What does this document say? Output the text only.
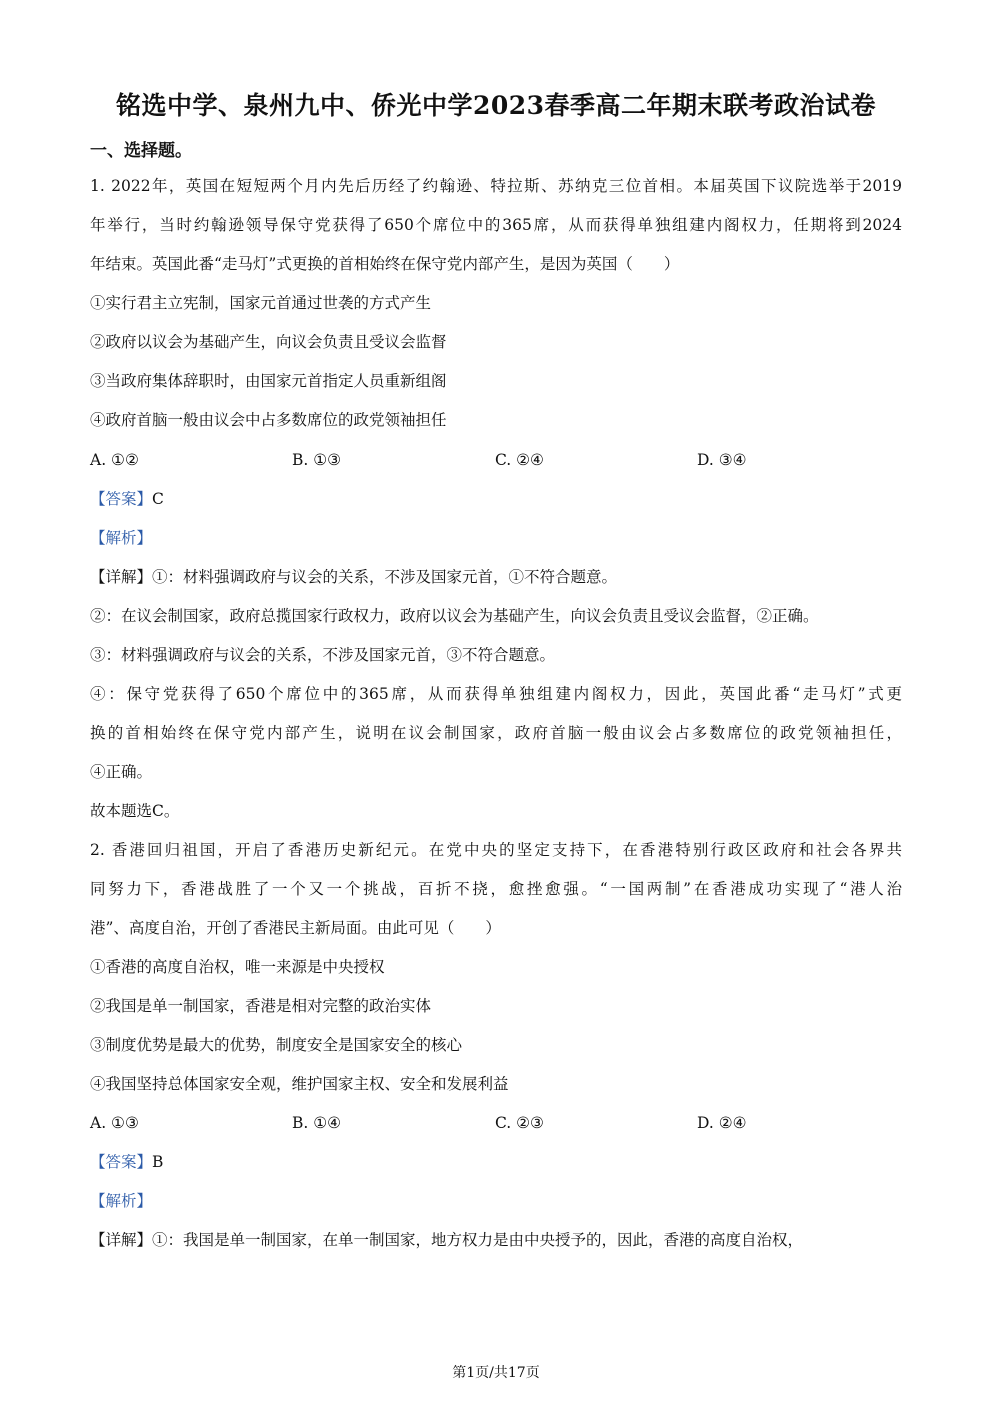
铭选中学、泉州九中、侨光中学2023春季高二年期末联考政治试卷
一、选择题。
1. 2022年，英国在短短两个月内先后历经了约翰逊、特拉斯、苏纳克三位首相。本届英国下议院选举于2019
年举行，当时约翰逊领导保守党获得了650个席位中的365席，从而获得单独组建内阁权力，任期将到2024
年结束。英国此番“走马灯”式更换的首相始终在保守党内部产生，是因为英国（　　）
①实行君主立宪制，国家元首通过世袭的方式产生
②政府以议会为基础产生，向议会负责且受议会监督
③当政府集体辞职时，由国家元首指定人员重新组阁
④政府首脑一般由议会中占多数席位的政党领袖担任
A. ①②	B. ①③	C. ②④	D. ③④
【答案】C
【解析】
【详解】①：材料强调政府与议会的关系，不涉及国家元首，①不符合题意。
②：在议会制国家，政府总揽国家行政权力，政府以议会为基础产生，向议会负责且受议会监督，②正确。
③：材料强调政府与议会的关系，不涉及国家元首，③不符合题意。
④：保守党获得了650个席位中的365席，从而获得单独组建内阁权力，因此，英国此番“走马灯”式更
换的首相始终在保守党内部产生，说明在议会制国家，政府首脑一般由议会占多数席位的政党领袖担任，
④正确。
故本题选C。
2. 香港回归祖国，开启了香港历史新纪元。在党中央的坚定支持下，在香港特别行政区政府和社会各界共
同努力下，香港战胜了一个又一个挑战，百折不挠，愈挫愈强。“一国两制”在香港成功实现了“港人治
港”、高度自治，开创了香港民主新局面。由此可见（　　）
①香港的高度自治权，唯一来源是中央授权
②我国是单一制国家，香港是相对完整的政治实体
③制度优势是最大的优势，制度安全是国家安全的核心
④我国坚持总体国家安全观，维护国家主权、安全和发展利益
A. ①③	B. ①④	C. ②③	D. ②④
【答案】B
【解析】
【详解】①：我国是单一制国家，在单一制国家，地方权力是由中央授予的，因此，香港的高度自治权，
第1页/共17页
